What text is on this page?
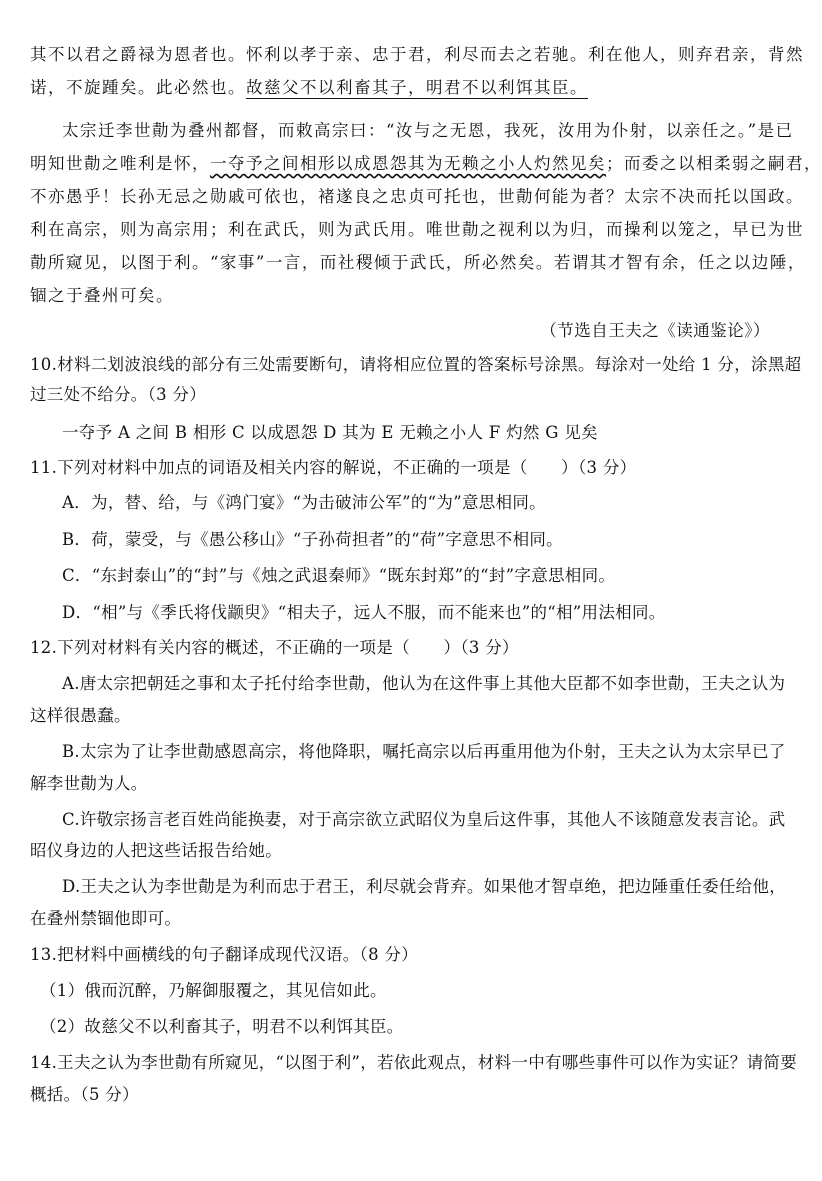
其不以君之爵禄为恩者也。怀利以孝于亲、忠于君，利尽而去之若驰。利在他人，则弃君亲，背然
诺，不旋踵矣。此必然也。故慈父不以利畜其子，明君不以利饵其臣。
太宗迁李世勣为叠州都督，而敕高宗曰：“汝与之无恩，我死，汝用为仆射，以亲任之。”是已
明知世勣之唯利是怀，一夺予之间相形以成恩怨其为无赖之小人灼然见矣；而委之以相柔弱之嗣君，
不亦愚乎！长孙无忌之勋戚可依也，褚遂良之忠贞可托也，世勣何能为者？太宗不决而托以国政。
利在高宗，则为高宗用；利在武氏，则为武氏用。唯世勣之视利以为归，而操利以笼之，早已为世
勣所窥见，以图于利。“家事”一言，而社稷倾于武氏，所必然矣。若谓其才智有余，任之以边陲，
锢之于叠州可矣。
（节选自王夫之《读通鉴论》）
10.材料二划波浪线的部分有三处需要断句，请将相应位置的答案标号涂黑。每涂对一处给 1 分，涂黑超
过三处不给分。（3 分）
一夺予 A 之间 B 相形 C 以成恩怨 D 其为 E 无赖之小人 F 灼然 G 见矣
11.下列对材料中加点的词语及相关内容的解说，不正确的一项是（　　）（3 分）
A．为，替、给，与《鸿门宴》“为击破沛公军”的“为”意思相同。
B．荷，蒙受，与《愚公移山》“子孙荷担者”的“荷”字意思不相同。
C．“东封泰山”的“封”与《烛之武退秦师》“既东封郑”的“封”字意思相同。
D．“相”与《季氏将伐颛臾》“相夫子，远人不服，而不能来也”的“相”用法相同。
12.下列对材料有关内容的概述，不正确的一项是（　　）（3 分）
A.唐太宗把朝廷之事和太子托付给李世勣，他认为在这件事上其他大臣都不如李世勣，王夫之认为
这样很愚蠢。
B.太宗为了让李世勣感恩高宗，将他降职，嘱托高宗以后再重用他为仆射，王夫之认为太宗早已了
解李世勣为人。
C.许敬宗扬言老百姓尚能换妻，对于高宗欲立武昭仪为皇后这件事，其他人不该随意发表言论。武
昭仪身边的人把这些话报告给她。
D.王夫之认为李世勣是为利而忠于君王，利尽就会背弃。如果他才智卓绝，把边陲重任委任给他，
在叠州禁锢他即可。
13.把材料中画横线的句子翻译成现代汉语。（8 分）
（1）俄而沉醉，乃解御服覆之，其见信如此。
（2）故慈父不以利畜其子，明君不以利饵其臣。
14.王夫之认为李世勣有所窥见，“以图于利”，若依此观点，材料一中有哪些事件可以作为实证？请简要
概括。（5 分）
